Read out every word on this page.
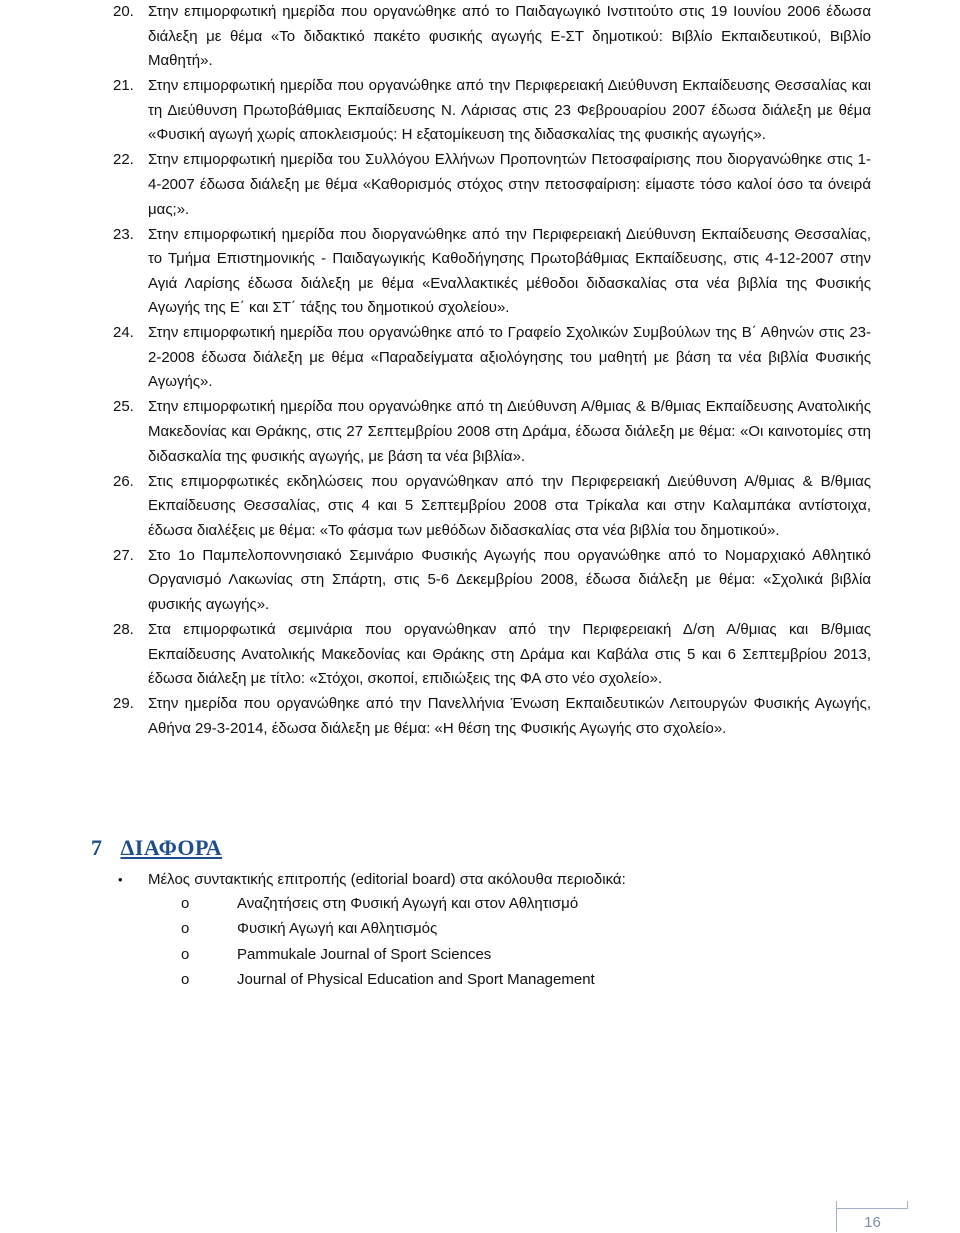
20. Στην επιμορφωτική ημερίδα που οργανώθηκε από το Παιδαγωγικό Ινστιτούτο στις 19 Ιουνίου 2006 έδωσα διάλεξη με θέμα «Το διδακτικό πακέτο φυσικής αγωγής Ε-ΣΤ δημοτικού: Βιβλίο Εκπαιδευτικού, Βιβλίο Μαθητή».
21. Στην επιμορφωτική ημερίδα που οργανώθηκε από την Περιφερειακή Διεύθυνση Εκπαίδευσης Θεσσαλίας και τη Διεύθυνση Πρωτοβάθμιας Εκπαίδευσης Ν. Λάρισας στις 23 Φεβρουαρίου 2007 έδωσα διάλεξη με θέμα «Φυσική αγωγή χωρίς αποκλεισμούς: Η εξατομίκευση της διδασκαλίας της φυσικής αγωγής».
22. Στην επιμορφωτική ημερίδα του Συλλόγου Ελλήνων Προπονητών Πετοσφαίρισης που διοργανώθηκε στις 1-4-2007 έδωσα διάλεξη με θέμα «Καθορισμός στόχος στην πετοσφαίριση: είμαστε τόσο καλοί όσο τα όνειρά μας;».
23. Στην επιμορφωτική ημερίδα που διοργανώθηκε από την Περιφερειακή Διεύθυνση Εκπαίδευσης Θεσσαλίας, το Τμήμα Επιστημονικής - Παιδαγωγικής Καθοδήγησης Πρωτοβάθμιας Εκπαίδευσης, στις 4-12-2007 στην Αγιά Λαρίσης έδωσα διάλεξη με θέμα «Εναλλακτικές μέθοδοι διδασκαλίας στα νέα βιβλία της Φυσικής Αγωγής της Ε΄ και ΣΤ΄ τάξης του δημοτικού σχολείου».
24. Στην επιμορφωτική ημερίδα που οργανώθηκε από το Γραφείο Σχολικών Συμβούλων της Β΄ Αθηνών στις 23-2-2008 έδωσα διάλεξη με θέμα «Παραδείγματα αξιολόγησης του μαθητή με βάση τα νέα βιβλία Φυσικής Αγωγής».
25. Στην επιμορφωτική ημερίδα που οργανώθηκε από τη Διεύθυνση Α/θμιας & Β/θμιας Εκπαίδευσης Ανατολικής Μακεδονίας και Θράκης, στις 27 Σεπτεμβρίου 2008 στη Δράμα, έδωσα διάλεξη με θέμα: «Οι καινοτομίες στη διδασκαλία της φυσικής αγωγής, με βάση τα νέα βιβλία».
26. Στις επιμορφωτικές εκδηλώσεις που οργανώθηκαν από την Περιφερειακή Διεύθυνση Α/θμιας & Β/θμιας Εκπαίδευσης Θεσσαλίας, στις 4 και 5 Σεπτεμβρίου 2008 στα Τρίκαλα και στην Καλαμπάκα αντίστοιχα, έδωσα διαλέξεις με θέμα: «Το φάσμα των μεθόδων διδασκαλίας στα νέα βιβλία του δημοτικού».
27. Στο 1ο Παμπελοποννησιακό Σεμινάριο Φυσικής Αγωγής που οργανώθηκε από το Νομαρχιακό Αθλητικό Οργανισμό Λακωνίας στη Σπάρτη, στις 5-6 Δεκεμβρίου 2008, έδωσα διάλεξη με θέμα: «Σχολικά βιβλία φυσικής αγωγής».
28. Στα επιμορφωτικά σεμινάρια που οργανώθηκαν από την Περιφερειακή Δ/ση Α/θμιας και Β/θμιας Εκπαίδευσης Ανατολικής Μακεδονίας και Θράκης στη Δράμα και Καβάλα στις 5 και 6 Σεπτεμβρίου 2013, έδωσα διάλεξη με τίτλο: «Στόχοι, σκοποί, επιδιώξεις της ΦΑ στο νέο σχολείο».
29. Στην ημερίδα που οργανώθηκε από την Πανελλήνια Ένωση Εκπαιδευτικών Λειτουργών Φυσικής Αγωγής, Αθήνα 29-3-2014, έδωσα διάλεξη με θέμα: «Η θέση της Φυσικής Αγωγής στο σχολείο».
7 ΔΙΑΦΟΡΑ
• Μέλος συντακτικής επιτροπής (editorial board) στα ακόλουθα περιοδικά:
o	Αναζητήσεις στη Φυσική Αγωγή και στον Αθλητισμό
o	Φυσική Αγωγή και Αθλητισμός
o	Pammukale Journal of Sport Sciences
o	Journal of Physical Education and Sport Management
16
